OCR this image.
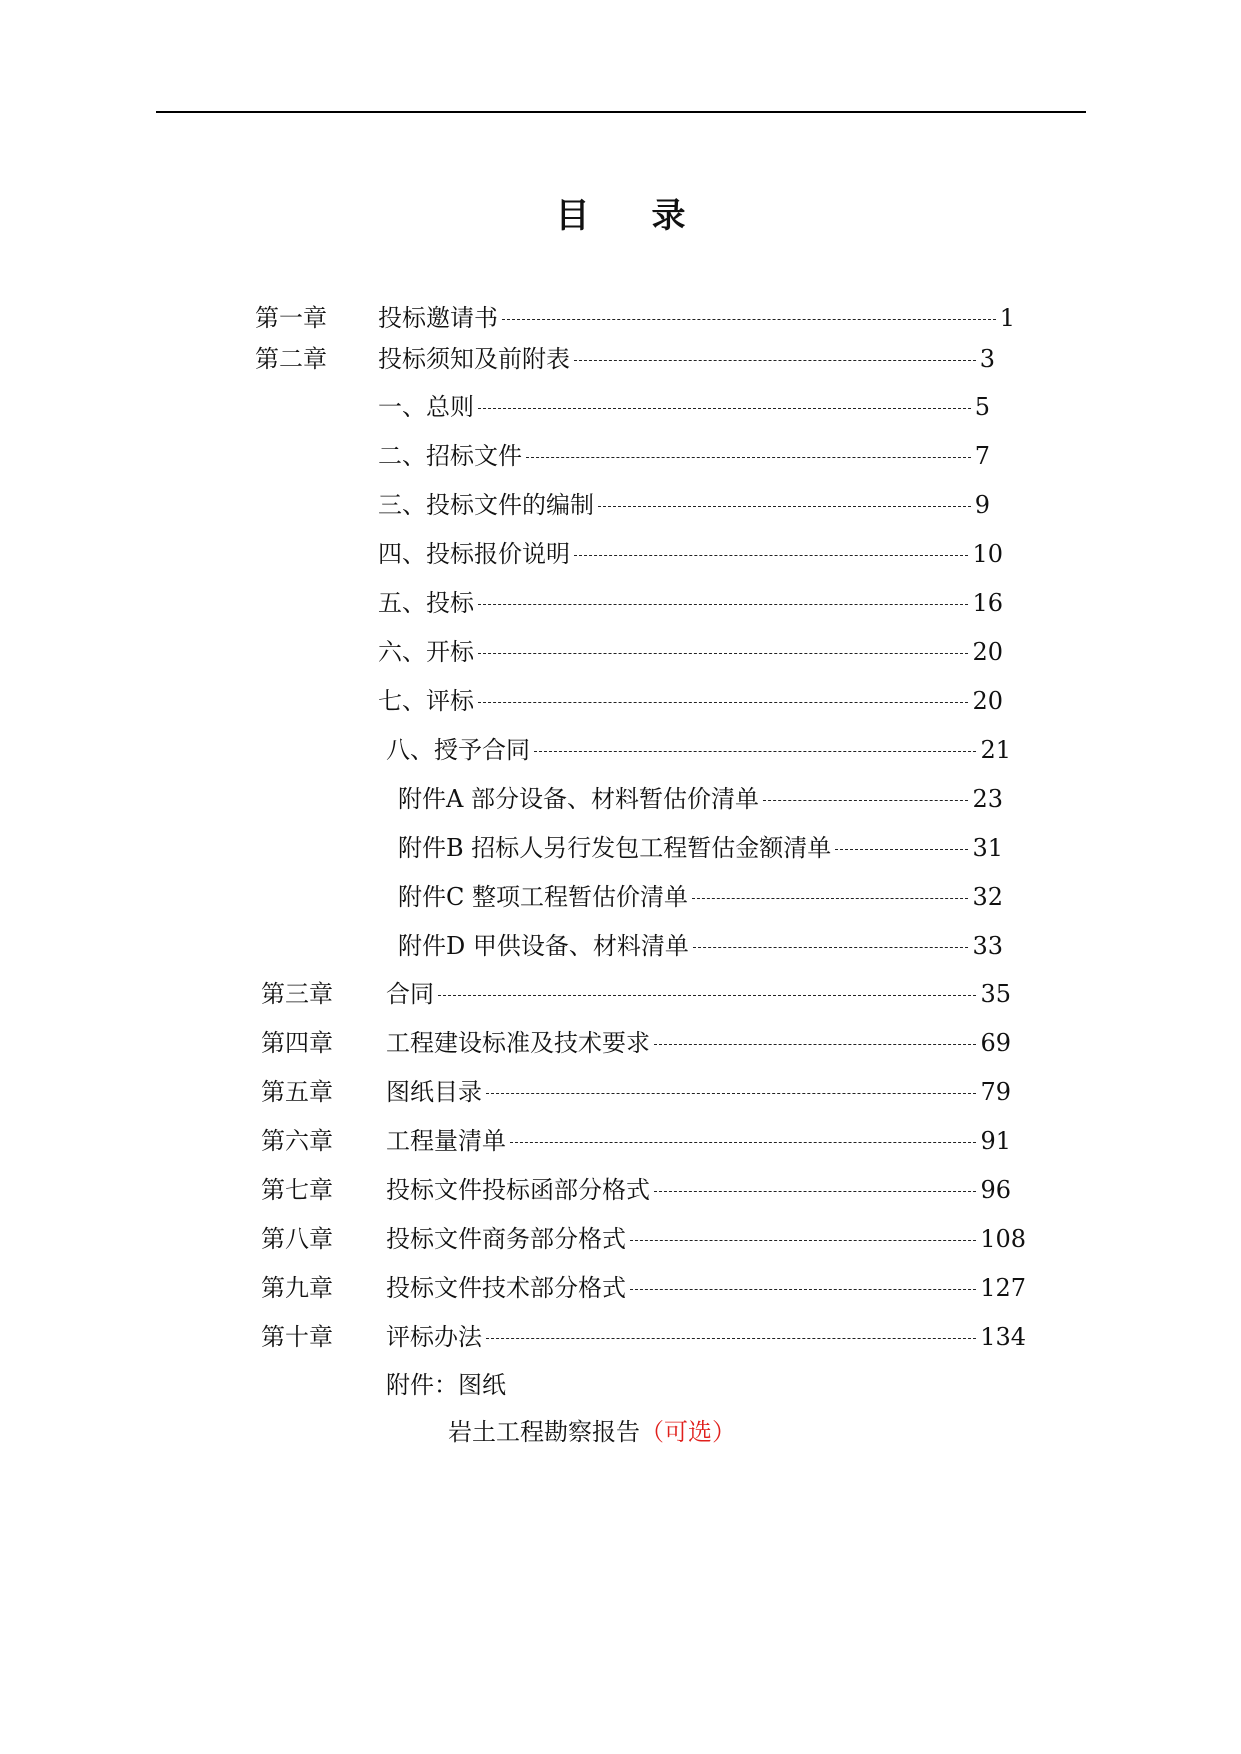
目 录
第一章 投标邀请书	1
第二章 投标须知及前附表	3
一、总则	5
二、招标文件	7
三、投标文件的编制	9
四、投标报价说明	10
五、投标	16
六、开标	20
七、评标	20
八、授予合同	21
附件A 部分设备、材料暂估价清单	23
附件B 招标人另行发包工程暂估金额清单	31
附件C 整项工程暂估价清单	32
附件D 甲供设备、材料清单	33
第三章 合同	35
第四章 工程建设标准及技术要求	69
第五章 图纸目录	79
第六章 工程量清单	91
第七章 投标文件投标函部分格式	96
第八章 投标文件商务部分格式	108
第九章 投标文件技术部分格式	127
第十章 评标办法	134
附件：图纸
岩土工程勘察报告（可选）
